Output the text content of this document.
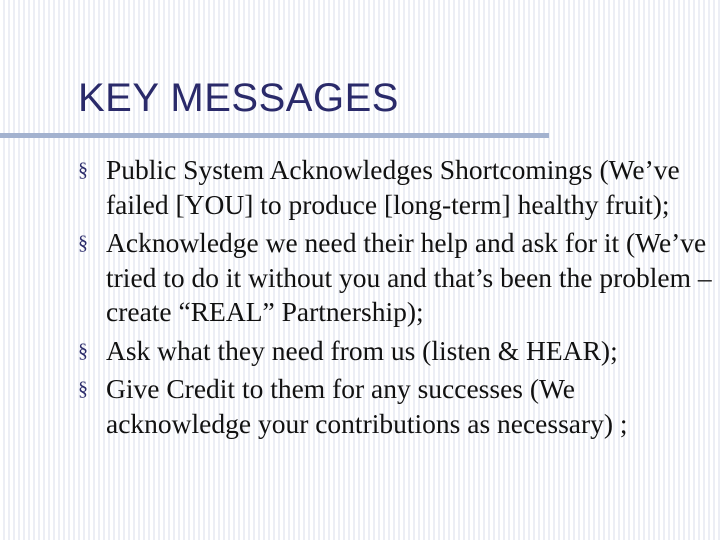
KEY MESSAGES
§ Public System Acknowledges Shortcomings (We’ve failed [YOU] to produce [long-term] healthy fruit);
§ Acknowledge we need their help and ask for it (We’ve tried to do it without you and that’s been the problem – create “REAL” Partnership);
§ Ask what they need from us (listen & HEAR);
§ Give Credit to them for any successes (We acknowledge your contributions as necessary) ;
